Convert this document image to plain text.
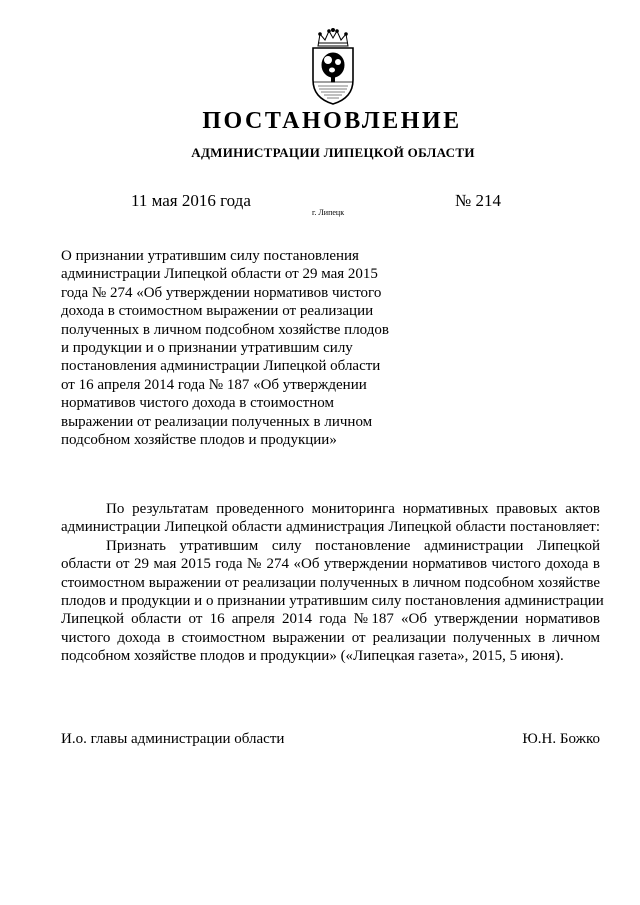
ПОСТАНОВЛЕНИЕ
АДМИНИСТРАЦИИ ЛИПЕЦКОЙ ОБЛАСТИ
11 мая 2016 года
г. Липецк
№ 214
О признании утратившим силу постановления
администрации Липецкой области от 29 мая 2015
года № 274 «Об утверждении нормативов чистого
дохода в стоимостном выражении от реализации
полученных в личном подсобном хозяйстве плодов
и продукции и о признании утратившим силу
постановления администрации Липецкой области
от 16 апреля 2014 года № 187 «Об утверждении
нормативов чистого дохода в стоимостном
выражении от реализации полученных в личном
подсобном хозяйстве плодов и продукции»
По результатам проведенного мониторинга нормативных правовых актов
администрации Липецкой области администрация Липецкой области постановляет:
Признать утратившим силу постановление администрации Липецкой
области от 29 мая 2015 года № 274 «Об утверждении нормативов чистого дохода в
стоимостном выражении от реализации полученных в личном подсобном хозяйстве
плодов и продукции и о признании утратившим силу постановления администрации
Липецкой области от 16 апреля 2014 года №187 «Об утверждении нормативов
чистого дохода в стоимостном выражении от реализации полученных в личном
подсобном хозяйстве плодов и продукции» («Липецкая газета», 2015, 5 июня).
И.о. главы администрации области	Ю.Н. Божко
